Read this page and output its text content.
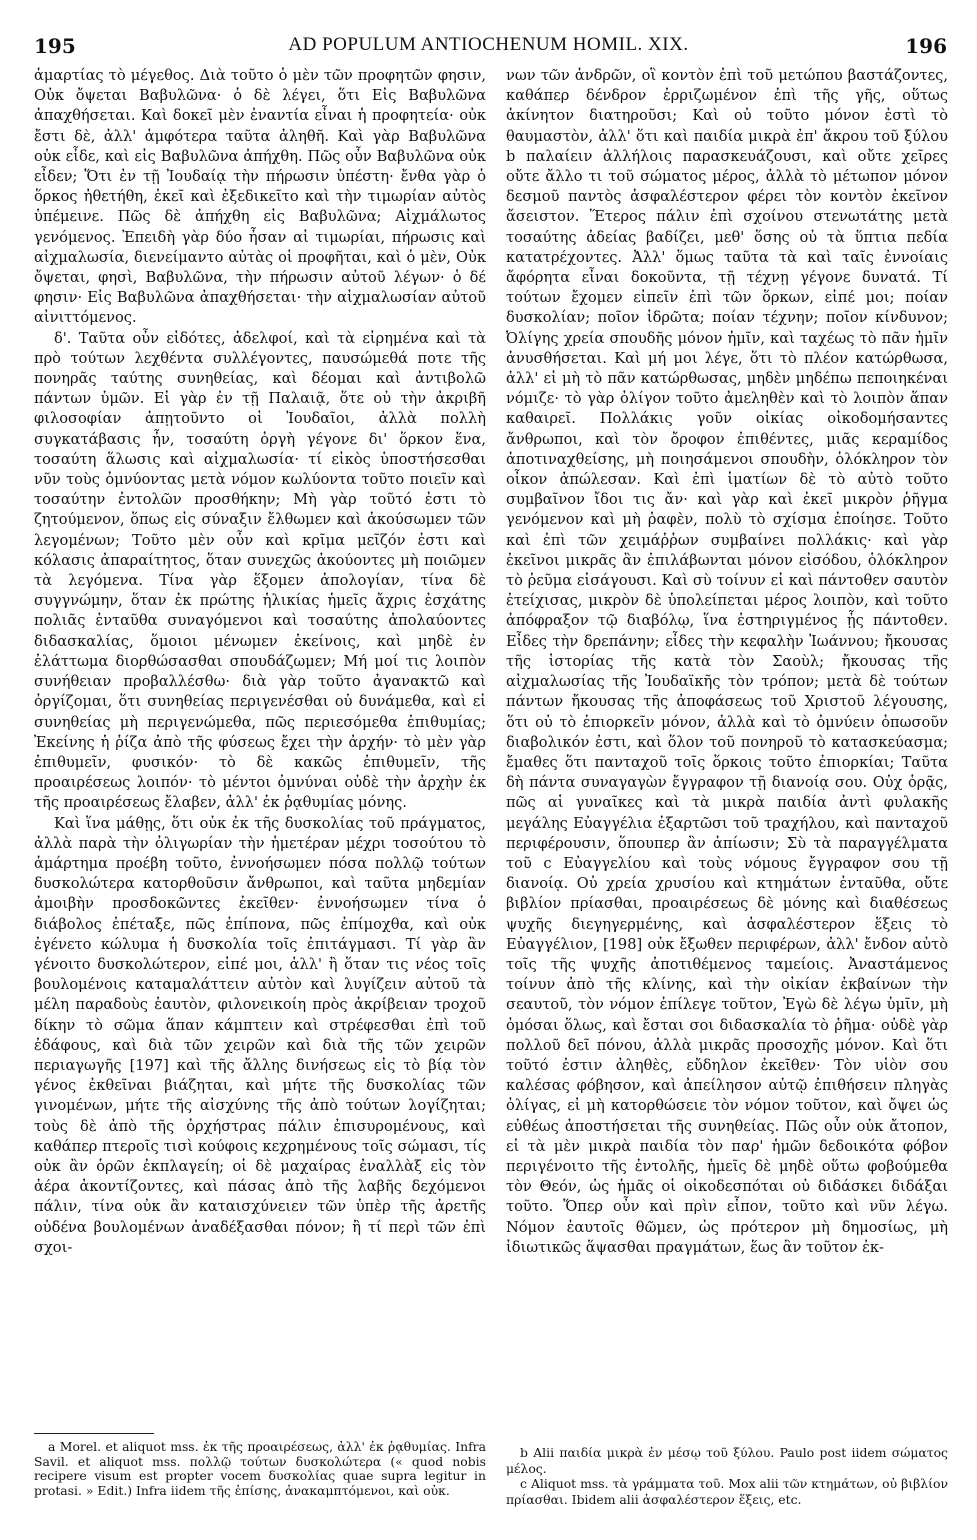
195	AD POPULUM ANTIOCHENUM HOMIL. XIX.	196

ἁμαρτίας τὸ μέγεθος. Διὰ τοῦτο ὁ μὲν τῶν προφητῶν φησιν, Οὐκ ὄψεται Βαβυλῶνα· ὁ δὲ λέγει, ὅτι Εἰς Βαβυλῶνα ἀπαχθήσεται. Καὶ δοκεῖ μὲν ἐναντία εἶναι ἡ προφητεία· οὐκ ἔστι δὲ, ἀλλ' ἀμφότερα ταῦτα ἀληθῆ. Καὶ γὰρ Βαβυλῶνα οὐκ εἶδε, καὶ εἰς Βαβυλῶνα ἀπήχθη. Πῶς οὖν Βαβυλῶνα οὐκ εἶδεν; Ὅτι ἐν τῇ Ἰουδαίᾳ τὴν πήρωσιν ὑπέστη· ἔνθα γὰρ ὁ ὅρκος ἠθετήθη, ἐκεῖ καὶ ἐξεδικεῖτο καὶ τὴν τιμωρίαν αὐτὸς ὑπέμεινε. Πῶς δὲ ἀπήχθη εἰς Βαβυλῶνα; Αἰχμάλωτος γενόμενος. Ἐπειδὴ γὰρ δύο ἦσαν αἱ τιμωρίαι, πήρωσις καὶ αἰχμαλωσία, διενείμαντο αὐτὰς οἱ προφῆται, καὶ ὁ μὲν, Οὐκ ὄψεται, φησὶ, Βαβυλῶνα, τὴν πήρωσιν αὐτοῦ λέγων· ὁ δέ φησιν· Εἰς Βαβυλῶνα ἀπαχθήσεται· τὴν αἰχμαλωσίαν αὐτοῦ αἰνιττόμενος.

δ'. Ταῦτα οὖν εἰδότες, ἀδελφοί, καὶ τὰ εἰρημένα καὶ τὰ πρὸ τούτων λεχθέντα συλλέγοντες, παυσώμεθά ποτε τῆς πονηρᾶς ταύτης συνηθείας, καὶ δέομαι καὶ ἀντιβολῶ πάντων ὑμῶν. Εἰ γὰρ ἐν τῇ Παλαιᾷ, ὅτε οὐ τὴν ἀκριβῆ φιλοσοφίαν ἀπῃτοῦντο οἱ Ἰουδαῖοι, ἀλλὰ πολλὴ συγκατάβασις ἦν, τοσαύτη ὀργὴ γέγονε δι' ὅρκον ἕνα, τοσαύτη ἅλωσις καὶ αἰχμαλωσία· τί εἰκὸς ὑποστήσεσθαι νῦν τοὺς ὀμνύοντας μετὰ νόμον κωλύοντα τοῦτο ποιεῖν καὶ τοσαύτην ἐντολῶν προσθήκην; Μὴ γὰρ τοῦτό ἐστι τὸ ζητούμενον, ὅπως εἰς σύναξιν ἔλθωμεν καὶ ἀκούσωμεν τῶν λεγομένων; Τοῦτο μὲν οὖν καὶ κρῖμα μεῖζόν ἐστι καὶ κόλασις ἀπαραίτητος, ὅταν συνεχῶς ἀκούοντες μὴ ποιῶμεν τὰ λεγόμενα. Τίνα γὰρ ἕξομεν ἀπολογίαν, τίνα δὲ συγγνώμην, ὅταν ἐκ πρώτης ἡλικίας ἡμεῖς ἄχρις ἐσχάτης πολιᾶς ἐνταῦθα συναγόμενοι καὶ τοσαύτης ἀπολαύοντες διδασκαλίας, ὅμοιοι μένωμεν ἐκείνοις, καὶ μηδὲ ἐν ἐλάττωμα διορθώσασθαι σπουδάζωμεν; Μή μοί τις λοιπὸν συνήθειαν προβαλλέσθω· διὰ γὰρ τοῦτο ἀγανακτῶ καὶ ὀργίζομαι, ὅτι συνηθείας περιγενέσθαι οὐ δυνάμεθα, καὶ εἰ συνηθείας μὴ περιγενώμεθα, πῶς περιεσόμεθα ἐπιθυμίας; Ἐκείνης ἡ ῥίζα ἀπὸ τῆς φύσεως ἔχει τὴν ἀρχήν· τὸ μὲν γὰρ ἐπιθυμεῖν, φυσικόν· τὸ δὲ κακῶς ἐπιθυμεῖν, τῆς προαιρέσεως λοιπόν· τὸ μέντοι ὀμνύναι οὐδὲ τὴν ἀρχὴν ἐκ τῆς προαιρέσεως ἔλαβεν, ἀλλ' ἐκ ῥᾳθυμίας μόνης.

Καὶ ἵνα μάθῃς, ὅτι οὐκ ἐκ τῆς δυσκολίας τοῦ πράγματος, ἀλλὰ παρὰ τὴν ὀλιγωρίαν τὴν ἡμετέραν μέχρι τοσούτου τὸ ἁμάρτημα προέβη τοῦτο, ἐννοήσωμεν πόσα πολλῷ τούτων δυσκολώτερα κατορθοῦσιν ἄνθρωποι, καὶ ταῦτα μηδεμίαν ἀμοιβὴν προσδοκῶντες ἐκεῖθεν· ἐννοήσωμεν τίνα ὁ διάβολος ἐπέταξε, πῶς ἐπίπονα, πῶς ἐπίμοχθα, καὶ οὐκ ἐγένετο κώλυμα ἡ δυσκολία τοῖς ἐπιτάγμασι. Τί γὰρ ἂν γένοιτο δυσκολώτερον, εἰπέ μοι, ἀλλ' ἢ ὅταν τις νέος τοῖς βουλομένοις καταμαλάττειν αὐτὸν καὶ λυγίζειν αὐτοῦ τὰ μέλη παραδοὺς ἑαυτὸν, φιλονεικοίη πρὸς ἀκρίβειαν τροχοῦ δίκην τὸ σῶμα ἅπαν κάμπτειν καὶ στρέφεσθαι ἐπὶ τοῦ ἐδάφους, καὶ διὰ τῶν χειρῶν καὶ διὰ τῆς τῶν χειρῶν περιαγωγῆς [197] καὶ τῆς ἄλλης δινήσεως εἰς τὸ βίᾳ τὸν γένος ἐκθεῖναι βιάζηται, καὶ μήτε τῆς δυσκολίας τῶν γινομένων, μήτε τῆς αἰσχύνης τῆς ἀπὸ τούτων λογίζηται; τοὺς δὲ ἀπὸ τῆς ὀρχήστρας πάλιν ἐπισυρομένους, καὶ καθάπερ πτεροῖς τισὶ κούφοις κεχρημένους τοῖς σώμασι, τίς οὐκ ἂν ὁρῶν ἐκπλαγείη; οἱ δὲ μαχαίρας ἐναλλὰξ εἰς τὸν ἀέρα ἀκοντίζοντες, καὶ πάσας ἀπὸ τῆς λαβῆς δεχόμενοι πάλιν, τίνα οὐκ ἂν καταισχύνειεν τῶν ὑπὲρ τῆς ἀρετῆς οὐδένα βουλομένων ἀναδέξασθαι πόνον; ἢ τί περὶ τῶν ἐπὶ σχοι-

νων τῶν ἀνδρῶν, οἳ κοντὸν ἐπὶ τοῦ μετώπου βαστάζοντες, καθάπερ δένδρον ἐρριζωμένον ἐπὶ τῆς γῆς, οὕτως ἀκίνητον διατηροῦσι; Καὶ οὐ τοῦτο μόνον ἐστὶ τὸ θαυμαστὸν, ἀλλ' ὅτι καὶ παιδία μικρὰ ἐπ' ἄκρου τοῦ ξύλου b παλαίειν ἀλλήλοις παρασκευάζουσι, καὶ οὔτε χεῖρες οὔτε ἄλλο τι τοῦ σώματος μέρος, ἀλλὰ τὸ μέτωπον μόνον δεσμοῦ παντὸς ἀσφαλέστερον φέρει τὸν κοντὸν ἐκεῖνον ἄσειστον. Ἕτερος πάλιν ἐπὶ σχοίνου στενωτάτης μετὰ τοσαύτης ἀδείας βαδίζει, μεθ' ὅσης οὐ τὰ ὕπτια πεδία κατατρέχοντες. Ἀλλ' ὅμως ταῦτα τὰ καὶ ταῖς ἐννοίαις ἄφόρητα εἶναι δοκοῦντα, τῇ τέχνῃ γέγονε δυνατά. Τί τούτων ἔχομεν εἰπεῖν ἐπὶ τῶν ὅρκων, εἰπέ μοι; ποίαν δυσκολίαν; ποῖον ἱδρῶτα; ποίαν τέχνην; ποῖον κίνδυνον; Ὀλίγης χρεία σπουδῆς μόνον ἡμῖν, καὶ ταχέως τὸ πᾶν ἡμῖν ἀνυσθήσεται. Καὶ μή μοι λέγε, ὅτι τὸ πλέον κατώρθωσα, ἀλλ' εἰ μὴ τὸ πᾶν κατώρθωσας, μηδὲν μηδέπω πεποιηκέναι νόμιζε· τὸ γὰρ ὀλίγον τοῦτο ἀμεληθὲν καὶ τὸ λοιπὸν ἅπαν καθαιρεῖ. Πολλάκις γοῦν οἰκίας οἰκοδομήσαντες ἄνθρωποι, καὶ τὸν ὄροφον ἐπιθέντες, μιᾶς κεραμίδος ἀποτιναχθείσης, μὴ ποιησάμενοι σπουδὴν, ὁλόκληρον τὸν οἶκον ἀπώλεσαν. Καὶ ἐπὶ ἱματίων δὲ τὸ αὐτὸ τοῦτο συμβαῖνον ἴδοι τις ἄν· καὶ γὰρ καὶ ἐκεῖ μικρὸν ῥῆγμα γενόμενον καὶ μὴ ῥαφὲν, πολὺ τὸ σχίσμα ἐποίησε. Τοῦτο καὶ ἐπὶ τῶν χειμάῤῥων συμβαίνει πολλάκις· καὶ γὰρ ἐκεῖνοι μικρᾶς ἂν ἐπιλάβωνται μόνον εἰσόδου, ὁλόκληρον τὸ ῥεῦμα εἰσάγουσι. Καὶ σὺ τοίνυν εἰ καὶ πάντοθεν σαυτὸν ἐτείχισας, μικρὸν δὲ ὑπολείπεται μέρος λοιπὸν, καὶ τοῦτο ἀπόφραξον τῷ διαβόλῳ, ἵνα ἐστηριγμένος ᾖς πάντοθεν. Εἶδες τὴν δρεπάνην; εἶδες τὴν κεφαλὴν Ἰωάννου; ἤκουσας τῆς ἱστορίας τῆς κατὰ τὸν Σαοὺλ; ἤκουσας τῆς αἰχμαλωσίας τῆς Ἰουδαϊκῆς τὸν τρόπον; μετὰ δὲ τούτων πάντων ἤκουσας τῆς ἀποφάσεως τοῦ Χριστοῦ λέγουσης, ὅτι οὐ τὸ ἐπιορκεῖν μόνον, ἀλλὰ καὶ τὸ ὀμνύειν ὁπωσοῦν διαβολικόν ἐστι, καὶ ὅλον τοῦ πονηροῦ τὸ κατασκεύασμα; ἔμαθες ὅτι πανταχοῦ τοῖς ὅρκοις τοῦτο ἐπιορκίαι; Ταῦτα δὴ πάντα συναγαγὼν ἔγγραφον τῇ διανοίᾳ σου. Οὐχ ὁρᾷς, πῶς αἱ γυναῖκες καὶ τὰ μικρὰ παιδία ἀντὶ φυλακῆς μεγάλης Εὐαγγέλια ἐξαρτῶσι τοῦ τραχήλου, καὶ πανταχοῦ περιφέρουσιν, ὅπουπερ ἂν ἀπίωσιν; Σὺ τὰ παραγγέλματα τοῦ c Εὐαγγελίου καὶ τοὺς νόμους ἔγγραφον σου τῇ διανοίᾳ. Οὐ χρεία χρυσίου καὶ κτημάτων ἐνταῦθα, οὔτε βιβλίον πρίασθαι, προαιρέσεως δὲ μόνης καὶ διαθέσεως ψυχῆς διεγηγερμένης, καὶ ἀσφαλέστερον ἕξεις τὸ Εὐαγγέλιον, [198] οὐκ ἔξωθεν περιφέρων, ἀλλ' ἔνδον αὐτὸ τοῖς τῆς ψυχῆς ἀποτιθέμενος ταμείοις. Ἀναστάμενος τοίνυν ἀπὸ τῆς κλίνης, καὶ τὴν οἰκίαν ἐκβαίνων τὴν σεαυτοῦ, τὸν νόμον ἐπίλεγε τοῦτον, Ἐγὼ δὲ λέγω ὑμῖν, μὴ ὀμόσαι ὅλως, καὶ ἔσται σοι διδασκαλία τὸ ῥῆμα· οὐδὲ γὰρ πολλοῦ δεῖ πόνου, ἀλλὰ μικρᾶς προσοχῆς μόνον. Καὶ ὅτι τοῦτό ἐστιν ἀληθὲς, εὔδηλον ἐκεῖθεν· Τὸν υἱὸν σου καλέσας φόβησον, καὶ ἀπείλησον αὐτῷ ἐπιθήσειν πληγὰς ὀλίγας, εἰ μὴ κατορθώσειε τὸν νόμον τοῦτον, καὶ ὄψει ὡς εὐθέως ἀποστήσεται τῆς συνηθείας. Πῶς οὖν οὐκ ἄτοπον, εἰ τὰ μὲν μικρὰ παιδία τὸν παρ' ἡμῶν δεδοικότα φόβον περιγένοιτο τῆς ἐντολῆς, ἡμεῖς δὲ μηδὲ οὕτω φοβούμεθα τὸν Θεόν, ὡς ἡμᾶς οἱ οἰκοδεσπόται οὐ διδάσκει διδάξαι τοῦτο. Ὅπερ οὖν καὶ πρὶν εἶπον, τοῦτο καὶ νῦν λέγω. Νόμον ἑαυτοῖς θῶμεν, ὡς πρότερον μὴ δημοσίως, μὴ ἰδιωτικῶς ἅψασθαι πραγμάτων, ἕως ἂν τοῦτον ἐκ-

a Morel. et aliquot mss. ἐκ τῆς προαιρέσεως, ἀλλ' ἐκ ῥᾳθυμίας. Infra Savil. et aliquot mss. πολλῷ τούτων δυσκολώτερα (« quod nobis recipere visum est propter vocem δυσκολίας quae supra legitur in protasi. » Edit.) Infra iidem τῆς ἐπίσης, ἀνακαμπτόμενοι, καὶ οὐκ.

b Alii παιδία μικρὰ ἐν μέσῳ τοῦ ξύλου. Paulo post iidem σώματος μέλος.

c Aliquot mss. τὰ γράμματα τοῦ. Mox alii τῶν κτημάτων, οὐ βιβλίον πρίασθαι. Ibidem alii ἀσφαλέστερον ἕξεις, etc.
